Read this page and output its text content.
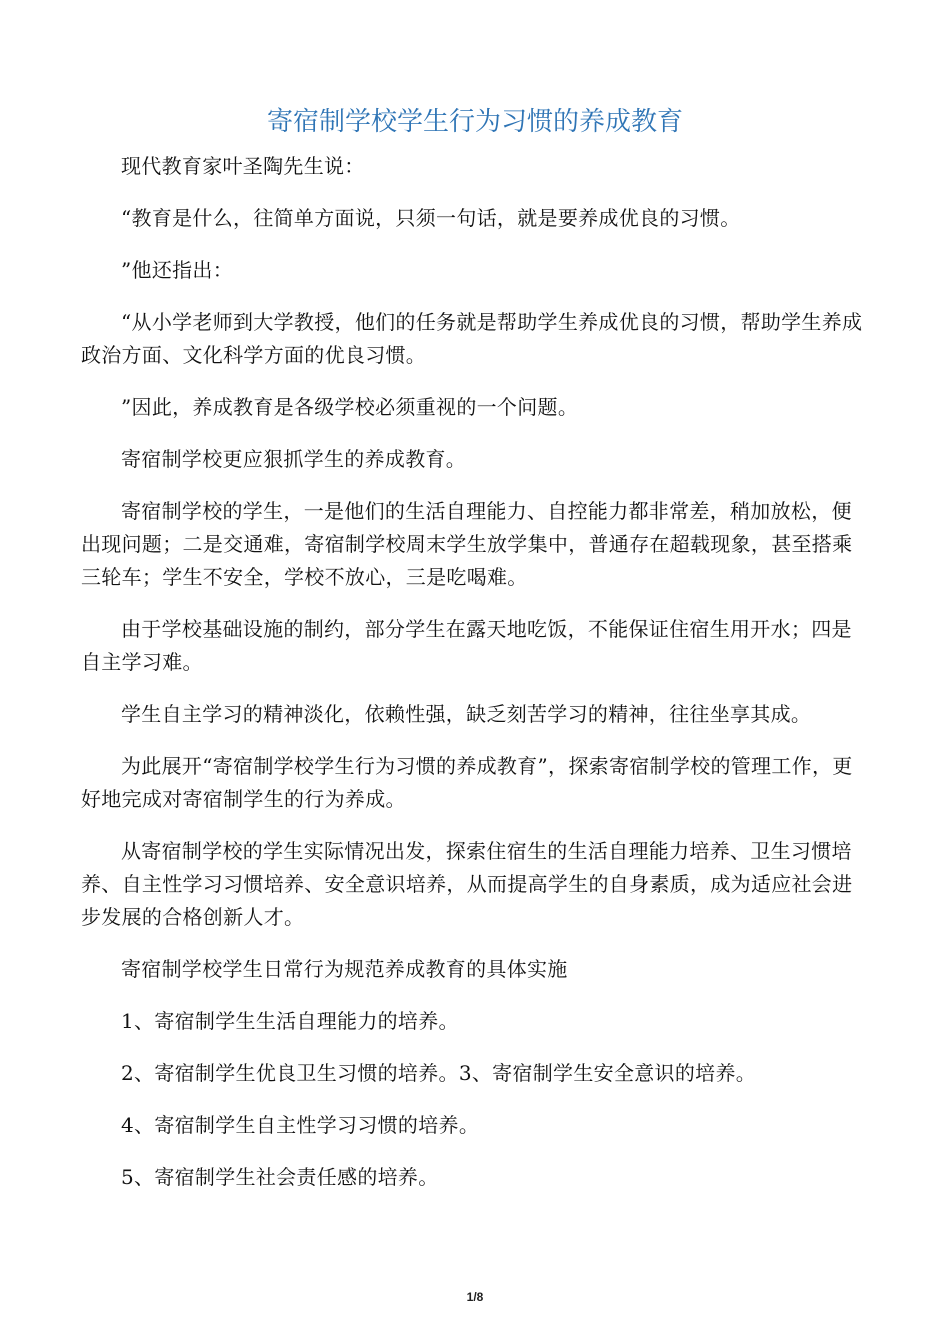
寄宿制学校学生行为习惯的养成教育

现代教育家叶圣陶先生说：

“教育是什么，往简单方面说，只须一句话，就是要养成优良的习惯。

”他还指出：

“从小学老师到大学教授，他们的任务就是帮助学生养成优良的习惯，帮助学生养成政治方面、文化科学方面的优良习惯。

”因此，养成教育是各级学校必须重视的一个问题。

寄宿制学校更应狠抓学生的养成教育。

寄宿制学校的学生，一是他们的生活自理能力、自控能力都非常差，稍加放松，便出现问题；二是交通难，寄宿制学校周末学生放学集中，普通存在超载现象，甚至搭乘三轮车；学生不安全，学校不放心，三是吃喝难。

由于学校基础设施的制约，部分学生在露天地吃饭，不能保证住宿生用开水；四是自主学习难。

学生自主学习的精神淡化，依赖性强，缺乏刻苦学习的精神，往往坐享其成。

为此展开“寄宿制学校学生行为习惯的养成教育”，探索寄宿制学校的管理工作，更好地完成对寄宿制学生的行为养成。

从寄宿制学校的学生实际情况出发，探索住宿生的生活自理能力培养、卫生习惯培养、自主性学习习惯培养、安全意识培养，从而提高学生的自身素质，成为适应社会进步发展的合格创新人才。

寄宿制学校学生日常行为规范养成教育的具体实施

1、寄宿制学生生活自理能力的培养。

2、寄宿制学生优良卫生习惯的培养。3、寄宿制学生安全意识的培养。

4、寄宿制学生自主性学习习惯的培养。

5、寄宿制学生社会责任感的培养。

1/8
